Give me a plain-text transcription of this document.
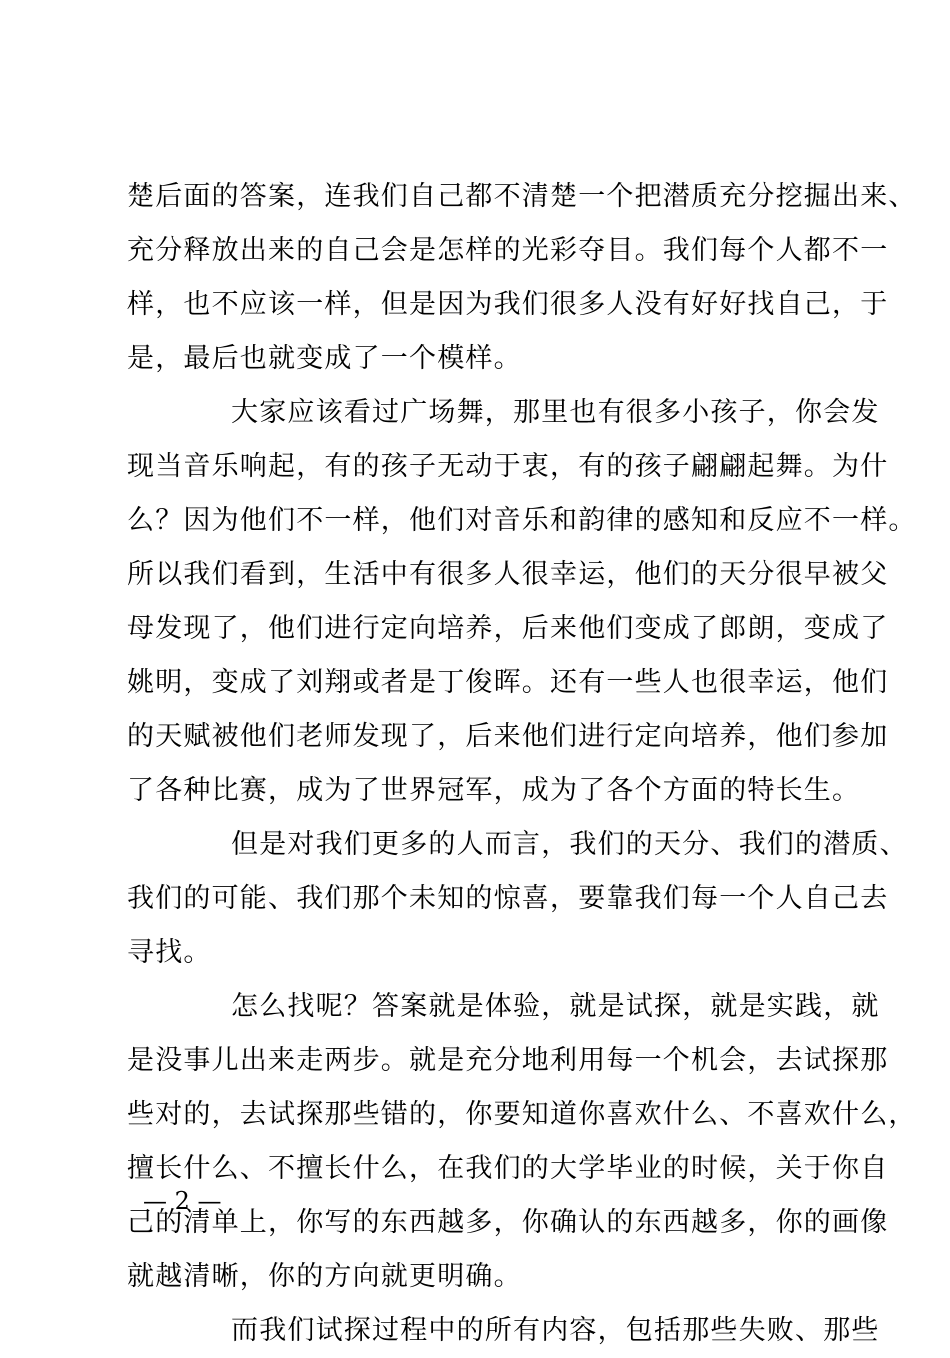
楚后面的答案，连我们自己都不清楚一个把潜质充分挖掘出来、
充分释放出来的自己会是怎样的光彩夺目。我们每个人都不一
样，也不应该一样，但是因为我们很多人没有好好找自己，于
是，最后也就变成了一个模样。
大家应该看过广场舞，那里也有很多小孩子，你会发
现当音乐响起，有的孩子无动于衷，有的孩子翩翩起舞。为什
么？因为他们不一样，他们对音乐和韵律的感知和反应不一样。
所以我们看到，生活中有很多人很幸运，他们的天分很早被父
母发现了，他们进行定向培养，后来他们变成了郎朗，变成了
姚明，变成了刘翔或者是丁俊晖。还有一些人也很幸运，他们
的天赋被他们老师发现了，后来他们进行定向培养，他们参加
了各种比赛，成为了世界冠军，成为了各个方面的特长生。
但是对我们更多的人而言，我们的天分、我们的潜质、
我们的可能、我们那个未知的惊喜，要靠我们每一个人自己去
寻找。
怎么找呢？答案就是体验，就是试探，就是实践，就
是没事儿出来走两步。就是充分地利用每一个机会，去试探那
些对的，去试探那些错的，你要知道你喜欢什么、不喜欢什么，
擅长什么、不擅长什么，在我们的大学毕业的时候，关于你自
己的清单上，你写的东西越多，你确认的东西越多，你的画像
就越清晰，你的方向就更明确。
而我们试探过程中的所有内容，包括那些失败、那些
— 2 —
